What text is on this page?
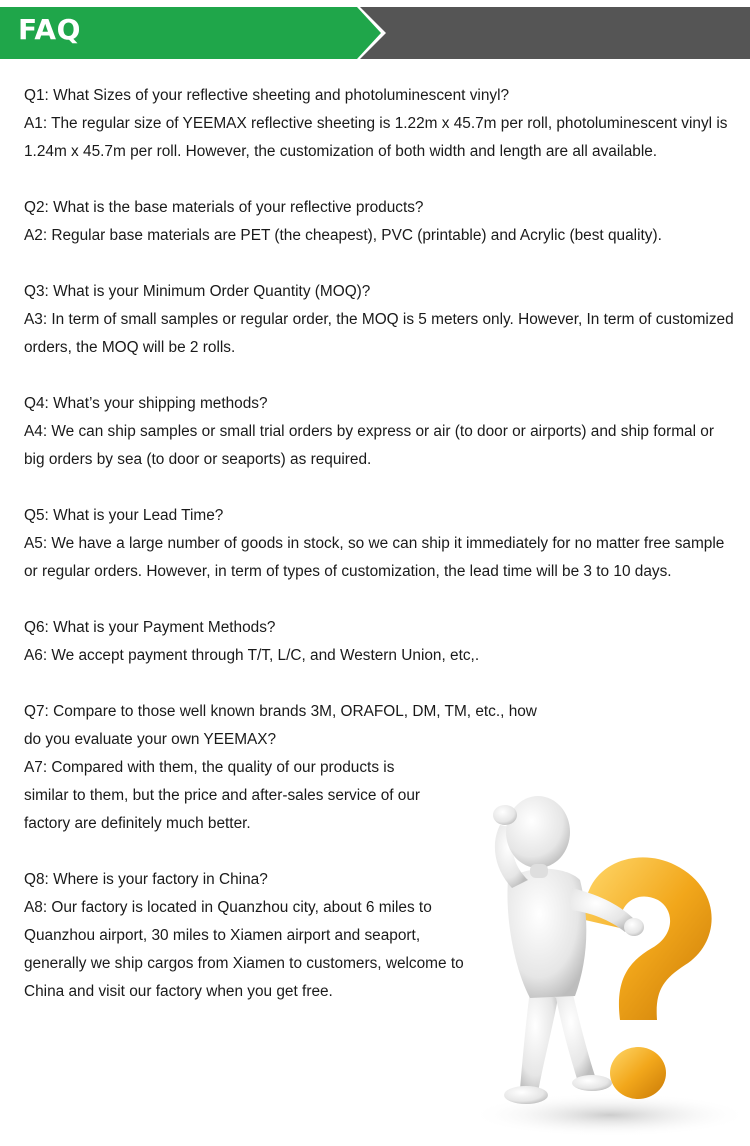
FAQ

Q1: What Sizes of your reflective sheeting and photoluminescent vinyl?

A1: The regular size of YEEMAX reflective sheeting is 1.22m x 45.7m per roll, photoluminescent vinyl is 1.24m x 45.7m per roll. However, the customization of both width and length are all available.

Q2: What is the base materials of your reflective products?

A2: Regular base materials are PET (the cheapest), PVC (printable) and Acrylic (best quality).

Q3: What is your Minimum Order Quantity (MOQ)?

A3: In term of small samples or regular order, the MOQ is 5 meters only. However, In term of customized orders, the MOQ will be 2 rolls.

Q4: What’s your shipping methods?

A4: We can ship samples or small trial orders by express or air (to door or airports) and ship formal or big orders by sea (to door or seaports) as required.

Q5: What is your Lead Time?

A5: We have a large number of goods in stock, so we can ship it immediately for no matter free sample or regular orders. However, in term of types of customization, the lead time will be 3 to 10 days.

Q6: What is your Payment Methods?

A6: We accept payment through T/T, L/C, and Western Union, etc,.

Q7: Compare to those well known brands 3M, ORAFOL, DM, TM, etc., how do you evaluate your own YEEMAX?

A7: Compared with them, the quality of our products is similar to them, but the price and after-sales service of our factory are definitely much better.

Q8: Where is your factory in China?

A8: Our factory is located in Quanzhou city, about 6 miles to Quanzhou airport, 30 miles to Xiamen airport and seaport, generally we ship cargos from Xiamen to customers, welcome to China and visit our factory when you get free.
